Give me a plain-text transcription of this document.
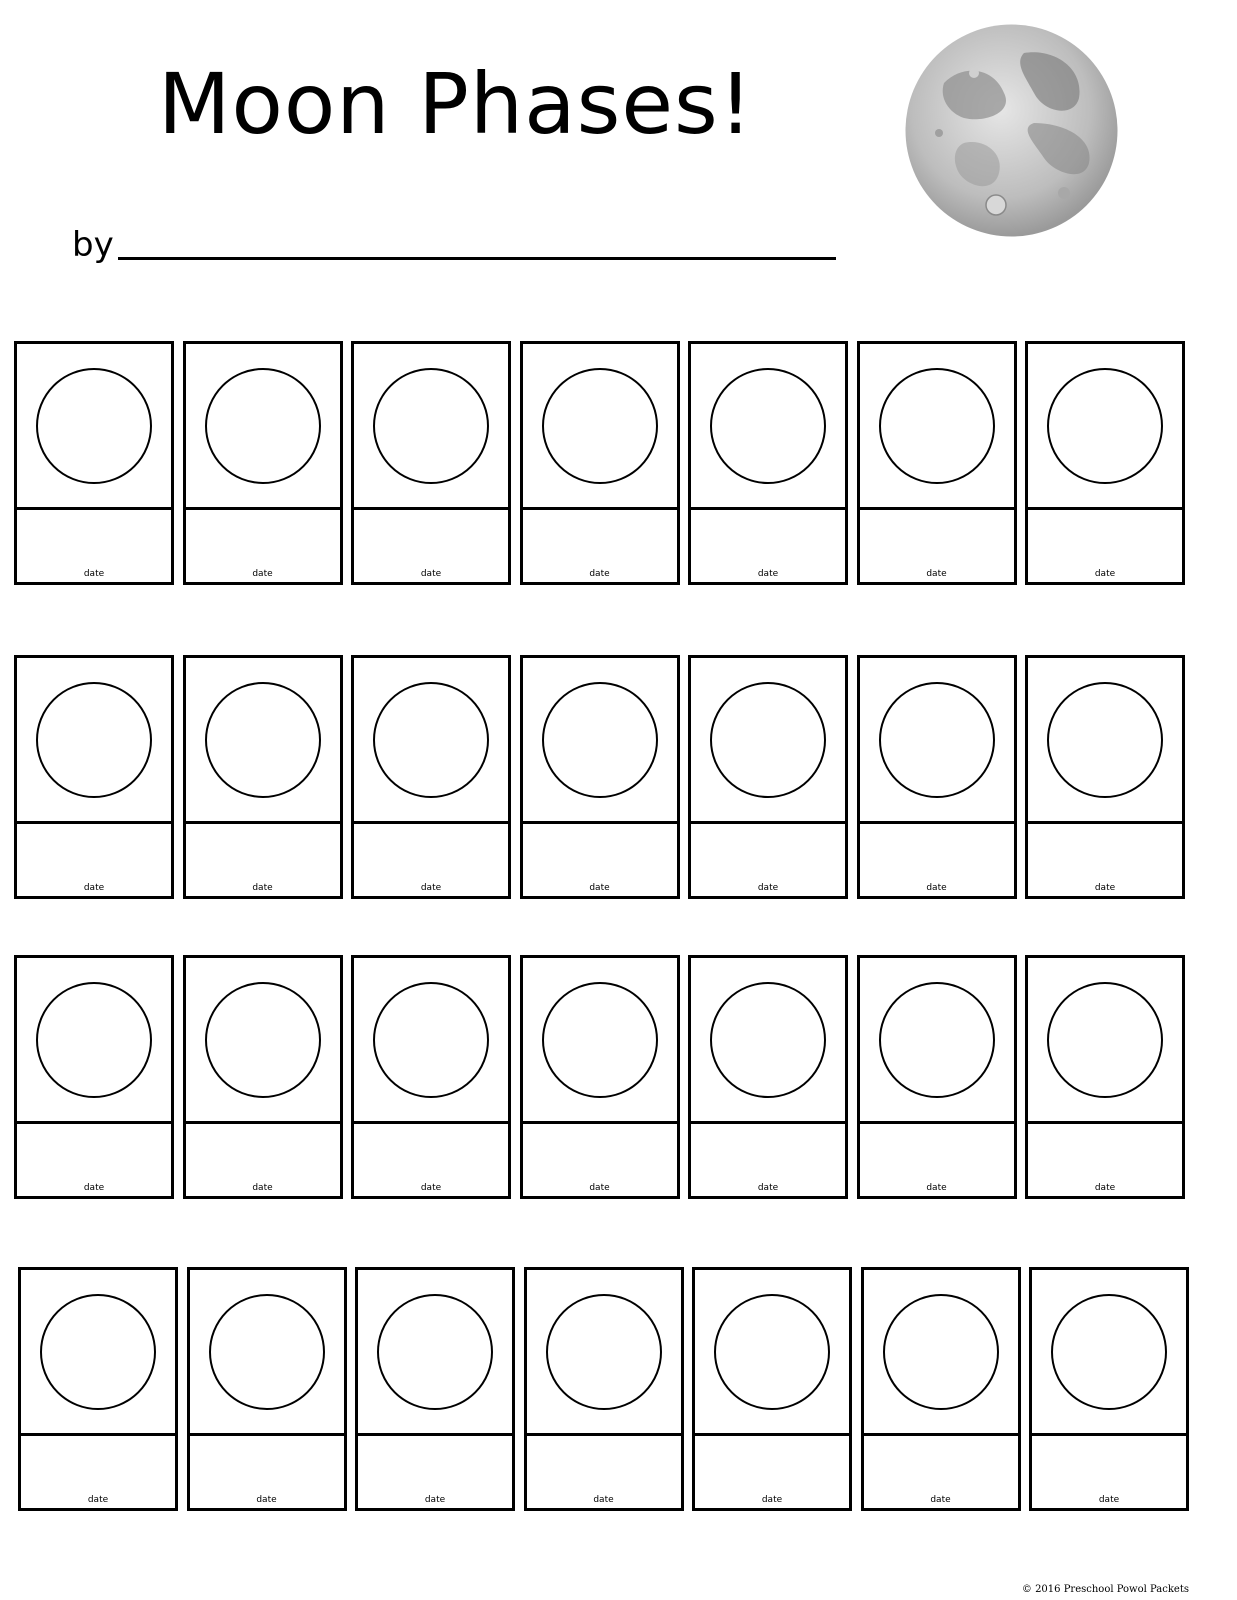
Moon Phases!
by
date	date	date	date	date	date	date
date	date	date	date	date	date	date
date	date	date	date	date	date	date
date	date	date	date	date	date	date
© 2016 Preschool Powol Packets
